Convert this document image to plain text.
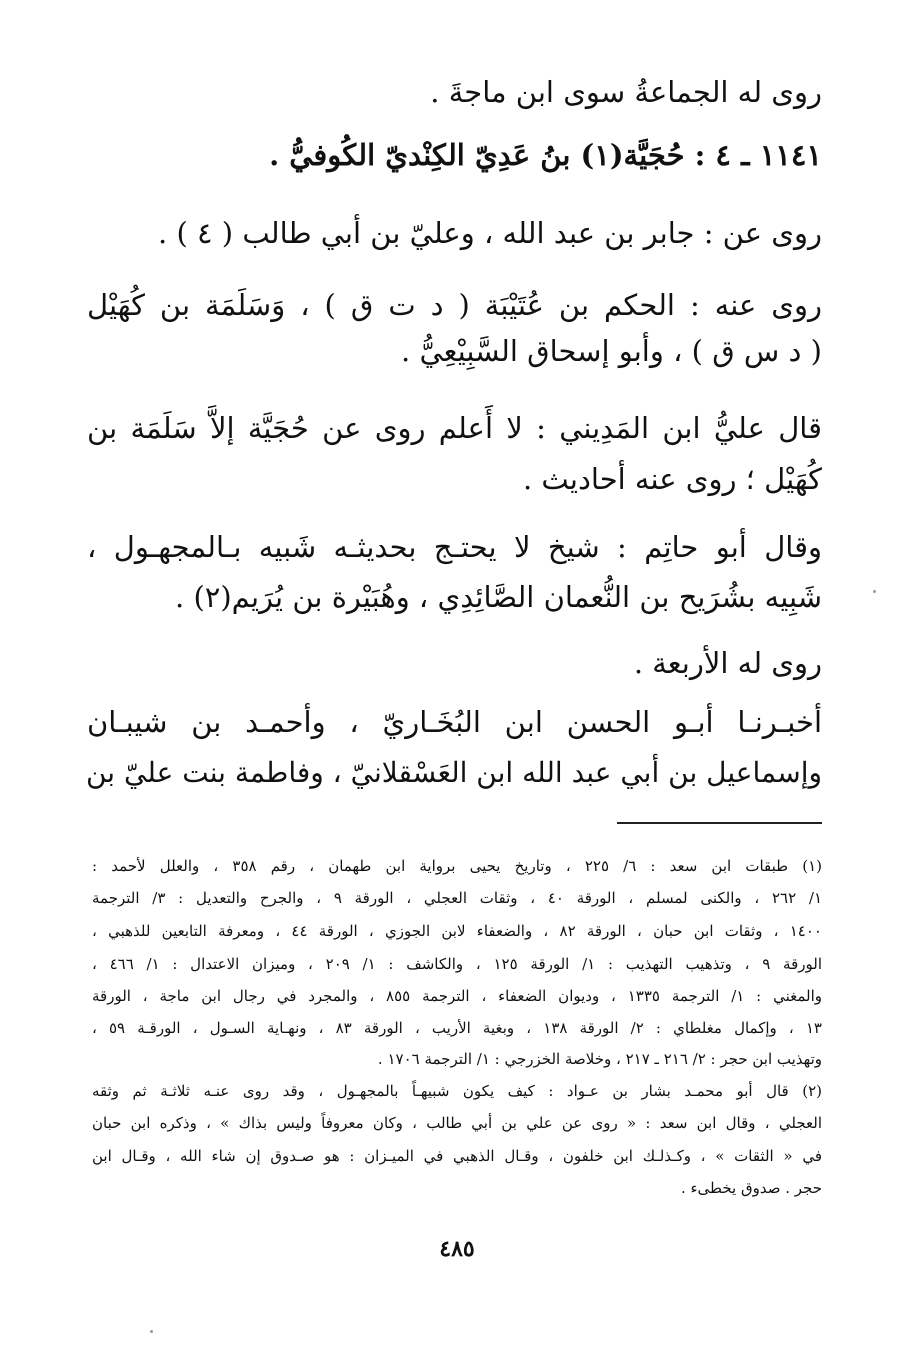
روى له الجماعةُ سوى ابن ماجةَ .
١١٤١ ـ ٤ : حُجَيَّة(١) بنُ عَدِيّ الكِنْديّ الكُوفيُّ .
روى عن : جابر بن عبد الله ، وعليّ بن أبي طالب ( ٤ ) .
روى عنه : الحكم بن عُتَيْبَة ( د ت ق ) ، وَسَلَمَة بن كُهَيْل
( د س ق ) ، وأبو إسحاق السَّبِيْعِيُّ .
قال عليُّ ابن المَدِيني : لا أَعلم روى عن حُجَيَّة إلاَّ سَلَمَة بن
كُهَيْل ؛ روى عنه أحاديث .
وقال أبو حاتِم : شيخ لا يحتـج بحديثـه شَبيه بـالمجهـول ،
شَبِيه بشُرَيح بن النُّعمان الصَّائِدِي ، وهُبَيْرة بن يُرَيم(٢) .
روى له الأربعة .
أخبـرنـا أبـو الحسن ابن البُخَـاريّ ، وأحمـد بن شيبـان
وإسماعيل بن أبي عبد الله ابن العَسْقلانيّ ، وفاطمة بنت عليّ بن
(١) طبقات ابن سعد : ٦/ ٢٢٥ ، وتاريخ يحيى برواية ابن طهمان ، رقم ٣٥٨ ، والعلل لأحمد :
١/ ٢٦٢ ، والكنى لمسلم ، الورقة ٤٠ ، وثقات العجلي ، الورقة ٩ ، والجرح والتعديل : ٣/ الترجمة
١٤٠٠ ، وثقات ابن حبان ، الورقة ٨٢ ، والضعفاء لابن الجوزي ، الورقة ٤٤ ، ومعرفة التابعين للذهبي ،
الورقة ٩ ، وتذهيب التهذيب : ١/ الورقة ١٢٥ ، والكاشف : ١/ ٢٠٩ ، وميزان الاعتدال : ١/ ٤٦٦ ،
والمغني : ١/ الترجمة ١٣٣٥ ، وديوان الضعفاء ، الترجمة ٨٥٥ ، والمجرد في رجال ابن ماجة ، الورقة
١٣ ، وإكمال مغلطاي : ٢/ الورقة ١٣٨ ، وبغية الأريب ، الورقة ٨٣ ، ونهـاية السـول ، الورقـة ٥٩ ،
وتهذيب ابن حجر : ٢/ ٢١٦ ـ ٢١٧ ، وخلاصة الخزرجي : ١/ الترجمة ١٧٠٦ .
(٢) قال أبو محمـد بشار بن عـواد : كيف يكون شبيهـاً بالمجهـول ، وقد روى عنـه ثلاثـة ثم وثقه
العجلي ، وقال ابن سعد : « روى عن علي بن أبي طالب ، وكان معروفاً وليس بذاك » ، وذكره ابن حبان
في « الثقات » ، وكـذلـك ابن خلفون ، وقـال الذهبي في الميـزان : هو صـدوق إن شاء الله ، وقـال ابن
حجر . صدوق يخطىء .
٤٨٥
